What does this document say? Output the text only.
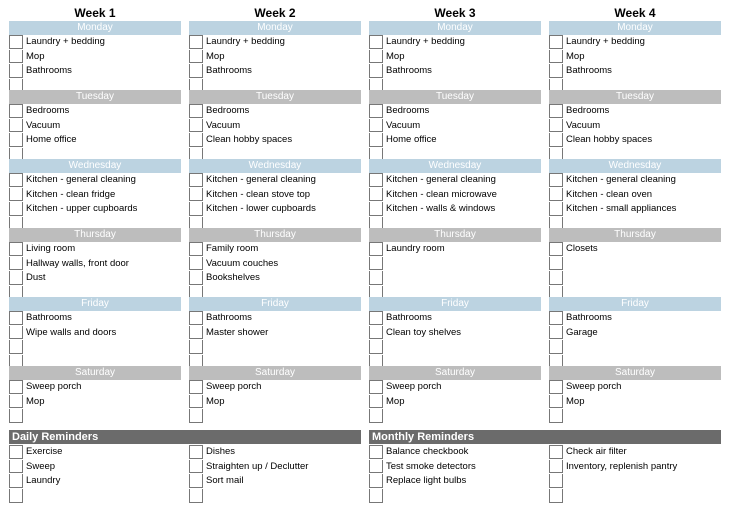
Week 1
Monday
Laundry + bedding
Mop
Bathrooms
Tuesday
Bedrooms
Vacuum
Home office
Wednesday
Kitchen - general cleaning
Kitchen - clean fridge
Kitchen - upper cupboards
Thursday
Living room
Hallway walls, front door
Dust
Friday
Bathrooms
Wipe walls and doors
Saturday
Sweep porch
Mop
Week 2
Monday
Laundry + bedding
Mop
Bathrooms
Tuesday
Bedrooms
Vacuum
Clean hobby spaces
Wednesday
Kitchen - general cleaning
Kitchen - clean stove top
Kitchen - lower cupboards
Thursday
Family room
Vacuum couches
Bookshelves
Friday
Bathrooms
Master shower
Saturday
Sweep porch
Mop
Week 3
Monday
Laundry + bedding
Mop
Bathrooms
Tuesday
Bedrooms
Vacuum
Home office
Wednesday
Kitchen - general cleaning
Kitchen - clean microwave
Kitchen - walls & windows
Thursday
Laundry room
Friday
Bathrooms
Clean toy shelves
Saturday
Sweep porch
Mop
Week 4
Monday
Laundry + bedding
Mop
Bathrooms
Tuesday
Bedrooms
Vacuum
Clean hobby spaces
Wednesday
Kitchen - general cleaning
Kitchen - clean oven
Kitchen - small appliances
Thursday
Closets
Friday
Bathrooms
Garage
Saturday
Sweep porch
Mop
Daily Reminders
Exercise
Sweep
Laundry
Dishes
Straighten up / Declutter
Sort mail
Monthly Reminders
Balance checkbook
Test smoke detectors
Replace light bulbs
Check air filter
Inventory, replenish pantry
